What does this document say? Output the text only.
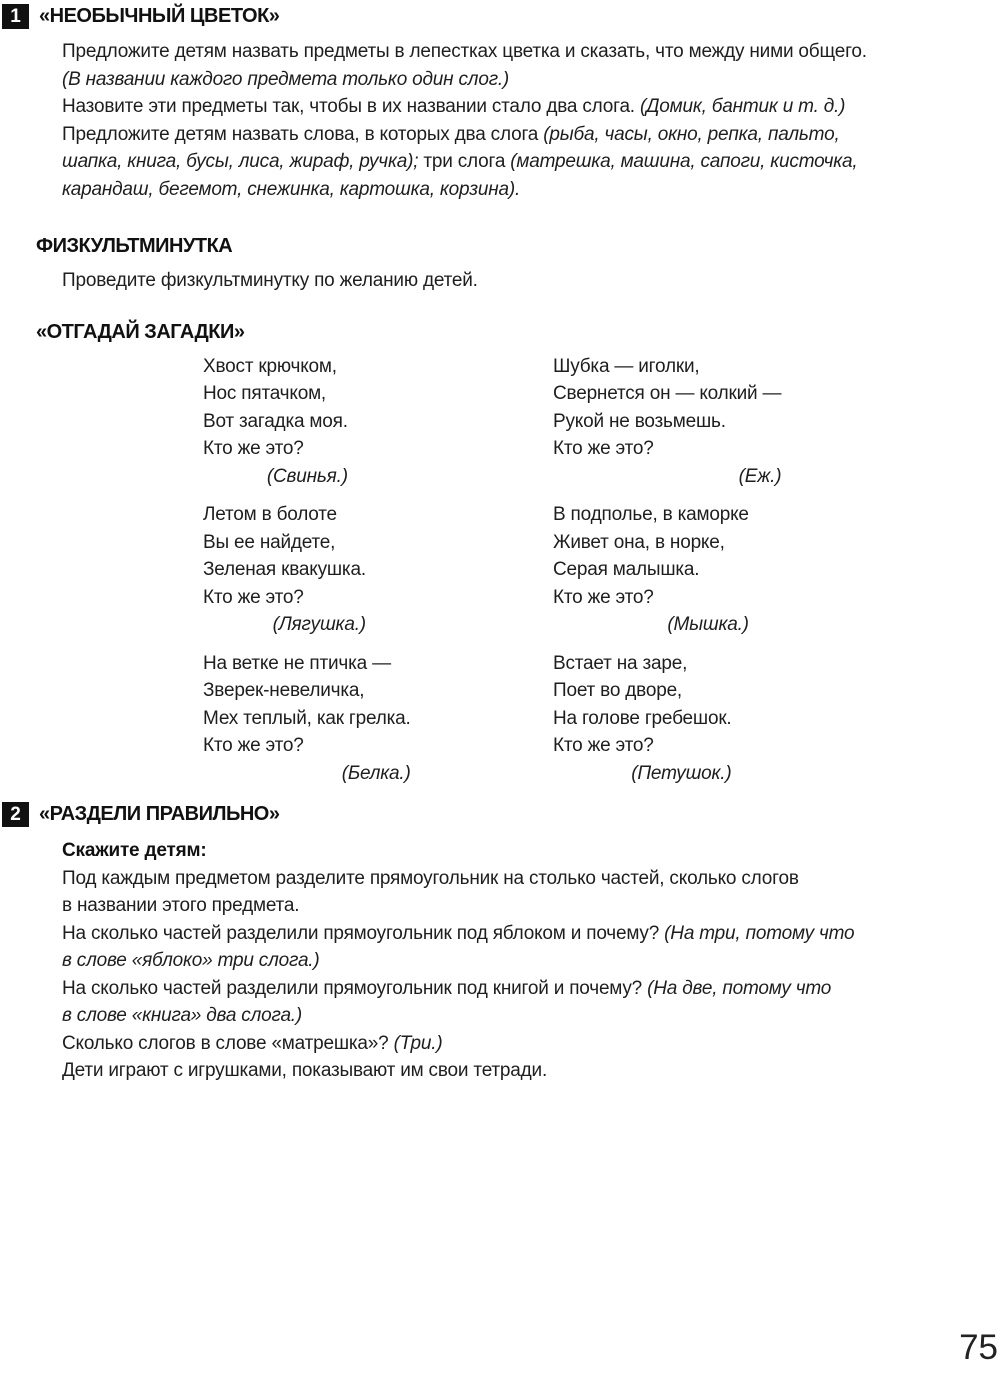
1 «НЕОБЫЧНЫЙ ЦВЕТОК»
Предложите детям назвать предметы в лепестках цветка и сказать, что между ними общего.
(В названии каждого предмета только один слог.)
Назовите эти предметы так, чтобы в их названии стало два слога. (Домик, бантик и т. д.)
Предложите детям назвать слова, в которых два слога (рыба, часы, окно, репка, пальто,
шапка, книга, бусы, лиса, жираф, ручка); три слога (матрешка, машина, сапоги, кисточка,
карандаш, бегемот, снежинка, картошка, корзина).
ФИЗКУЛЬТМИНУТКА
Проведите физкультминутку по желанию детей.
«ОТГАДАЙ ЗАГАДКИ»
Хвост крючком,
Нос пятачком,
Вот загадка моя.
Кто же это?
(Свинья.)
Шубка — иголки,
Свернется он — колкий —
Рукой не возьмешь.
Кто же это?
(Еж.)
Летом в болоте
Вы ее найдете,
Зеленая квакушка.
Кто же это?
(Лягушка.)
В подполье, в каморке
Живет она, в норке,
Серая малышка.
Кто же это?
(Мышка.)
На ветке не птичка —
Зверек-невеличка,
Мех теплый, как грелка.
Кто же это?
(Белка.)
Встает на заре,
Поет во дворе,
На голове гребешок.
Кто же это?
(Петушок.)
2 «РАЗДЕЛИ ПРАВИЛЬНО»
Скажите детям:
Под каждым предметом разделите прямоугольник на столько частей, сколько слогов
в названии этого предмета.
На сколько частей разделили прямоугольник под яблоком и почему? (На три, потому что
в слове «яблоко» три слога.)
На сколько частей разделили прямоугольник под книгой и почему? (На две, потому что
в слове «книга» два слога.)
Сколько слогов в слове «матрешка»? (Три.)
Дети играют с игрушками, показывают им свои тетради.
75
